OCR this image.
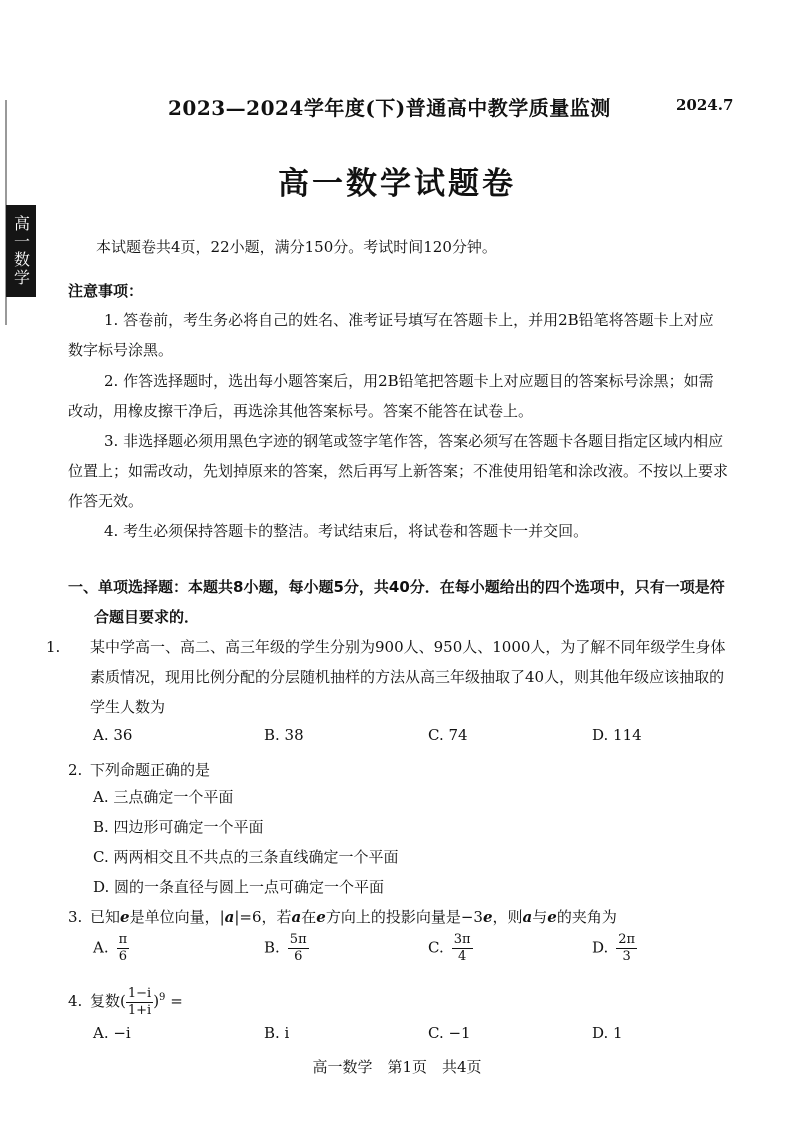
高一数学
2023—2024学年度(下)普通高中教学质量监测	2024.7
高一数学试题卷
本试题卷共4页，22小题，满分150分。考试时间120分钟。
注意事项：
1. 答卷前，考生务必将自己的姓名、准考证号填写在答题卡上，并用2B铅笔将答题卡上对应数字标号涂黑。
2. 作答选择题时，选出每小题答案后，用2B铅笔把答题卡上对应题目的答案标号涂黑；如需改动，用橡皮擦干净后，再选涂其他答案标号。答案不能答在试卷上。
3. 非选择题必须用黑色字迹的钢笔或签字笔作答，答案必须写在答题卡各题目指定区域内相应位置上；如需改动，先划掉原来的答案，然后再写上新答案；不准使用铅笔和涂改液。不按以上要求作答无效。
4. 考生必须保持答题卡的整洁。考试结束后，将试卷和答题卡一并交回。
一、单项选择题：本题共8小题，每小题5分，共40分．在每小题给出的四个选项中，只有一项是符合题目要求的．
1. 某中学高一、高二、高三年级的学生分别为900人、950人、1000人，为了解不同年级学生身体素质情况，现用比例分配的分层随机抽样的方法从高三年级抽取了40人，则其他年级应该抽取的学生人数为
A. 36	B. 38	C. 74	D. 114
2. 下列命题正确的是
A. 三点确定一个平面
B. 四边形可确定一个平面
C. 两两相交且不共点的三条直线确定一个平面
D. 圆的一条直径与圆上一点可确定一个平面
3. 已知e是单位向量，|a|=6，若a在e方向上的投影向量是−3e，则a与e的夹角为
A. $\frac{\pi}{6}$	B. $\frac{5\pi}{6}$	C. $\frac{3\pi}{4}$	D. $\frac{2\pi}{3}$
4. 复数( $\frac{1-i}{1+i} )^9$ =
A. −i	B. i	C. −1	D. 1
高一数学　第1页　共4页
